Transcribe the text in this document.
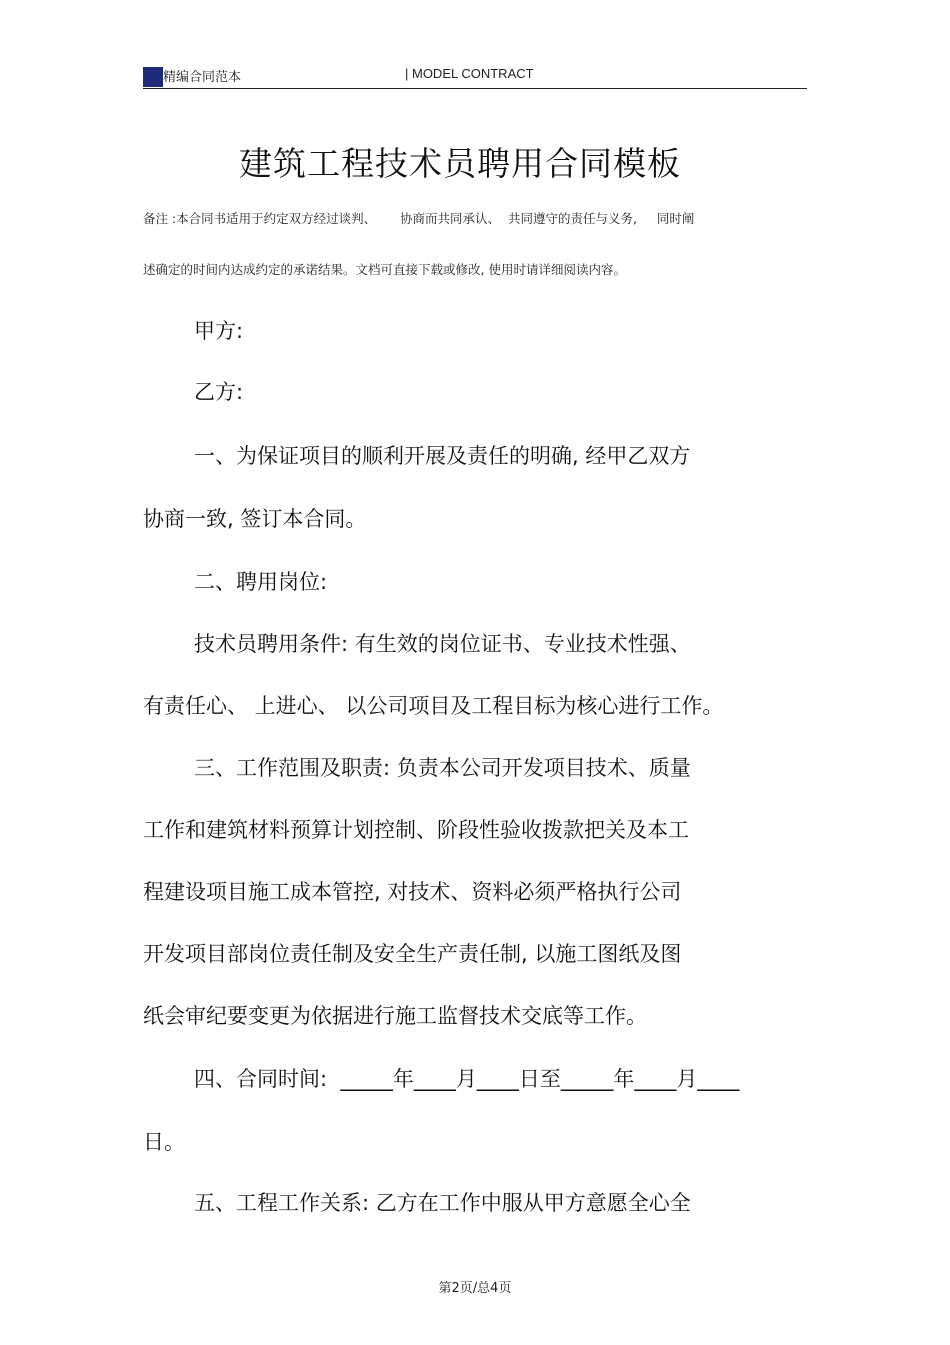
精编合同范本	| MODEL CONTRACT
建筑工程技术员聘用合同模板
备注 :本合同书适用于约定双方经过谈判、      协商而共同承认、  共同遵守的责任与义务,     同时阐
述确定的时间内达成约定的承诺结果。文档可直接下载或修改, 使用时请详细阅读内容。
甲方:
乙方:
一、为保证项目的顺利开展及责任的明确, 经甲乙双方
协商一致, 签订本合同。
二、聘用岗位:
技术员聘用条件: 有生效的岗位证书、专业技术性强、
有责任心、 上进心、 以公司项目及工程目标为核心进行工作。
三、工作范围及职责: 负责本公司开发项目技术、质量
工作和建筑材料预算计划控制、阶段性验收拨款把关及本工
程建设项目施工成本管控, 对技术、资料必须严格执行公司
开发项目部岗位责任制及安全生产责任制, 以施工图纸及图
纸会审纪要变更为依据进行施工监督技术交底等工作。
四、合同时间:  _____年____月____日至_____年____月____
日。
五、工程工作关系: 乙方在工作中服从甲方意愿全心全
第2页/总4页
